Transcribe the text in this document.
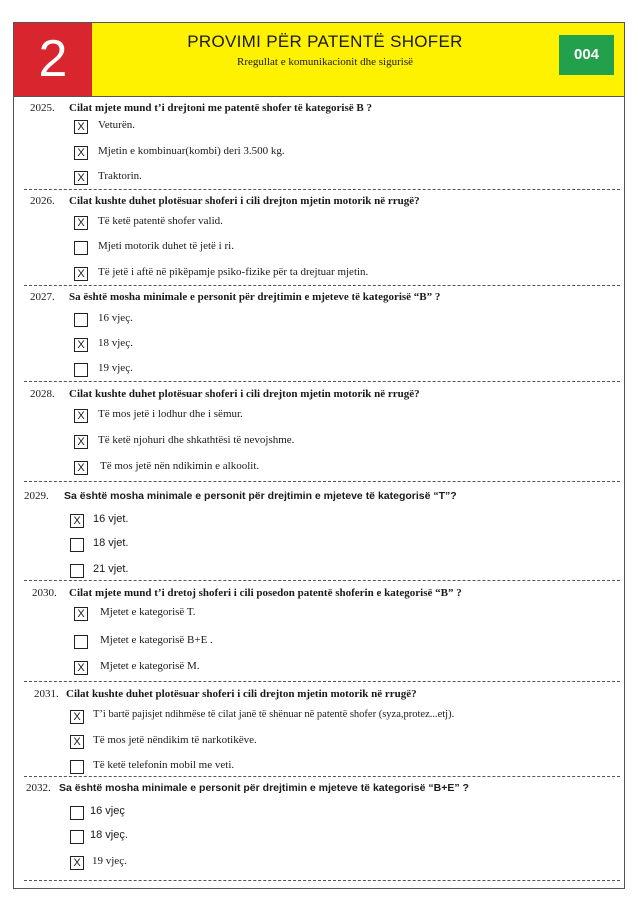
2	PROVIMI PËR PATENTË SHOFER
Rregullat e komunikacionit dhe sigurisë	004
2025. Cilat mjete mund t’i drejtoni me patentë shofer të kategorisë B ?
X	Veturën.
X	Mjetin e kombinuar(kombi) deri 3.500 kg.
X	Traktorin.
2026. Cilat kushte duhet plotësuar shoferi i cili drejton mjetin motorik në rrugë?
X	Të ketë patentë shofer valid.
Mjeti motorik duhet të jetë i ri.
X	Të jetë i aftë në pikëpamje psiko-fizike për ta drejtuar mjetin.
2027. Sa është mosha minimale e personit për drejtimin e mjeteve të kategorisë “B” ?
16 vjeç.
X	18 vjeç.
19 vjeç.
2028. Cilat kushte duhet plotësuar shoferi i cili drejton mjetin motorik në rrugë?
X	Të mos jetë i lodhur dhe i sëmur.
X	Të ketë njohuri dhe shkathtësi të nevojshme.
X	Të mos jetë nën ndikimin e alkoolit.
2029. Sa është mosha minimale e personit për drejtimin e mjeteve të kategorisë “T”?
X	16 vjet.
18 vjet.
21 vjet.
2030. Cilat mjete mund t’i dretoj shoferi i cili posedon patentë shoferin e kategorisë “B” ?
X	Mjetet e kategorisë T.
Mjetet e kategorisë B+E .
X	Mjetet e kategorisë M.
2031. Cilat kushte duhet plotësuar shoferi i cili drejton mjetin motorik në rrugë?
X	T’i bartë pajisjet ndihmëse të cilat janë të shënuar në patentë shofer (syza,protez...etj).
X	Të mos jetë nëndikim të narkotikëve.
Të ketë telefonin mobil me veti.
2032. Sa është mosha minimale e personit për drejtimin e mjeteve të kategorisë “B+E” ?
16 vjeç
18 vjeç.
X	19 vjeç.
